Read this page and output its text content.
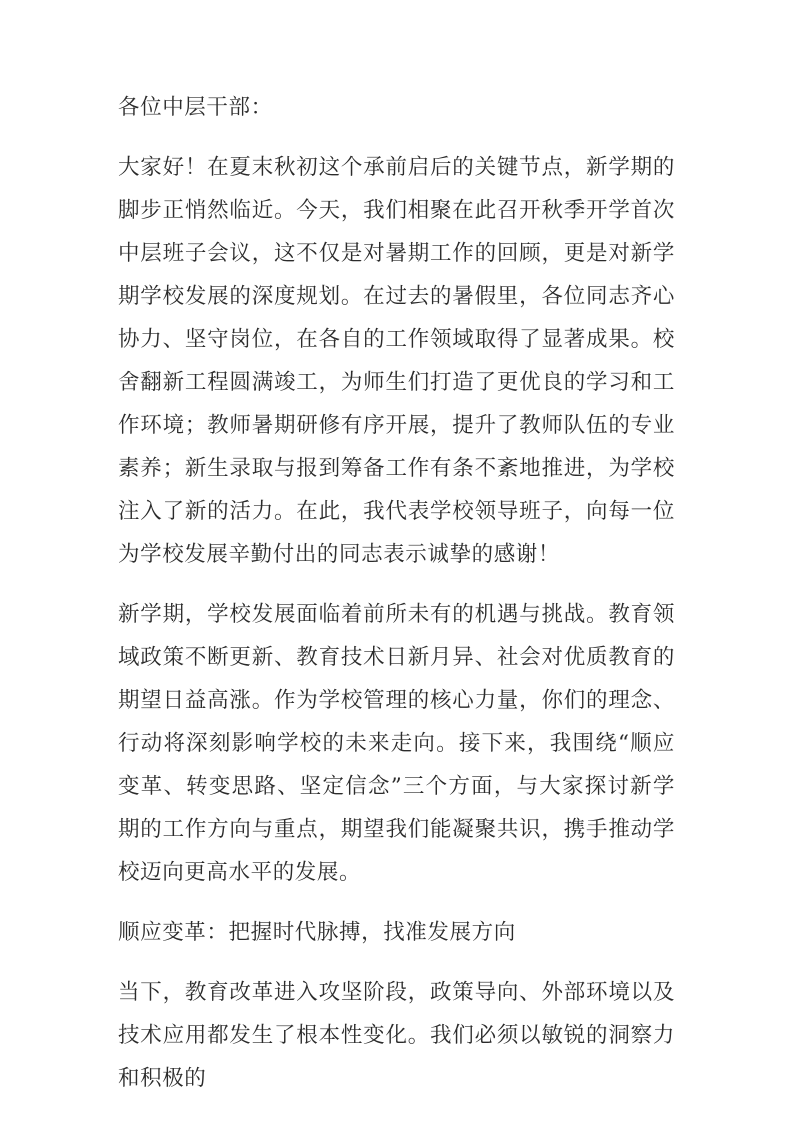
各位中层干部：

大家好！在夏末秋初这个承前启后的关键节点，新学期的脚步正悄然临近。今天，我们相聚在此召开秋季开学首次中层班子会议，这不仅是对暑期工作的回顾，更是对新学期学校发展的深度规划。在过去的暑假里，各位同志齐心协力、坚守岗位，在各自的工作领域取得了显著成果。校舍翻新工程圆满竣工，为师生们打造了更优良的学习和工作环境；教师暑期研修有序开展，提升了教师队伍的专业素养；新生录取与报到筹备工作有条不紊地推进，为学校注入了新的活力。在此，我代表学校领导班子，向每一位为学校发展辛勤付出的同志表示诚挚的感谢！

新学期，学校发展面临着前所未有的机遇与挑战。教育领域政策不断更新、教育技术日新月异、社会对优质教育的期望日益高涨。作为学校管理的核心力量，你们的理念、行动将深刻影响学校的未来走向。接下来，我围绕“顺应变革、转变思路、坚定信念”三个方面，与大家探讨新学期的工作方向与重点，期望我们能凝聚共识，携手推动学校迈向更高水平的发展。

顺应变革：把握时代脉搏，找准发展方向

当下，教育改革进入攻坚阶段，政策导向、外部环境以及技术应用都发生了根本性变化。我们必须以敏锐的洞察力和积极的
